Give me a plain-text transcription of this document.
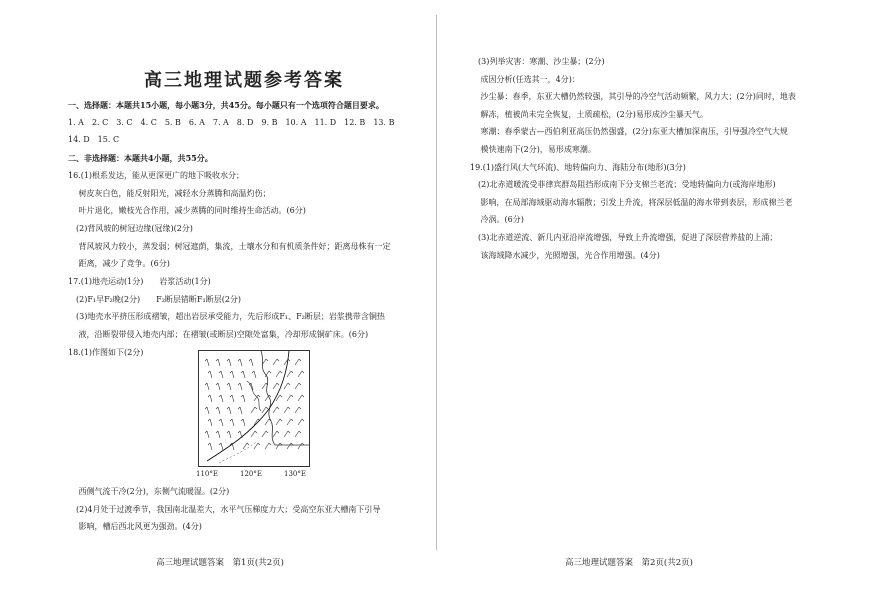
高三地理试题参考答案
一、选择题：本题共15小题，每小题3分，共45分。每小题只有一个选项符合题目要求。
1. A　2. C　3. C　4. C　5. B　6. A　7. A　8. D　9. B　10. A　11. D　12. B　13. B
14. D　15. C
二、非选择题：本题共4小题，共55分。
16.(1)根系发达，能从更深更广的地下吸收水分；
　 树皮灰白色，能反射阳光，减轻水分蒸腾和高温灼伤；
　 叶片退化，嫩枝光合作用，减少蒸腾的同时维持生命活动。(6分)
　(2)背风坡的树冠边缘(冠缘)(2分)
　 背风坡风力较小，蒸发弱；树冠遮荫，集流，土壤水分和有机质条件好；距离母株有一定
　 距离，减少了竞争。(6分)
17.(1)地壳运动(1分)　　岩浆活动(1分)
　(2)F₁早F₂晚(2分)　　F₂断层错断F₁断层(2分)
　(3)地壳水平挤压形成褶皱，超出岩层承受能力，先后形成F₁、F₂断层；岩浆携带含铜热
　 液，沿断裂带侵入地壳内部；在褶皱(或断层)空隙处富集，冷却形成铜矿床。(6分)
18.(1)作图如下(2分)
110°E	120°E	130°E
　 西侧气流干冷(2分)，东侧气流暖湿。(2分)
　(2)4月处于过渡季节，我国南北温差大，水平气压梯度力大；受高空东亚大槽南下引导
　 影响，槽后西北风更为强劲。(4分)
高三地理试题答案　第1页(共2页)
　(3)列举灾害：寒潮、沙尘暴；(2分)
　 成因分析(任选其一，4分)：
　 沙尘暴：春季，东亚大槽仍然较强，其引导的冷空气活动频繁，风力大；(2分)同时，地表
　 解冻，植被尚未完全恢复，土质疏松，(2分)易形成沙尘暴天气。
　 寒潮：春季蒙古—西伯利亚高压仍然强盛，(2分)东亚大槽加深南压，引导强冷空气大规
　 模快速南下(2分)，易形成寒潮。
19.(1)盛行风(大气环流)、地转偏向力、海陆分布(地形)(3分)
　(2)北赤道暖流受菲律宾群岛阻挡形成南下分支棉兰老流；受地转偏向力(或海岸地形)
　 影响，在局部海域驱动海水辐散；引发上升流，将深层低温的海水带到表层，形成棉兰老
　 冷涡。(6分)
　(3)北赤道逆流、新几内亚沿岸流增强，导致上升流增强，促进了深层营养盐的上涌；
　 该海域降水减少，光照增强，光合作用增强。(4分)
高三地理试题答案　第2页(共2页)
